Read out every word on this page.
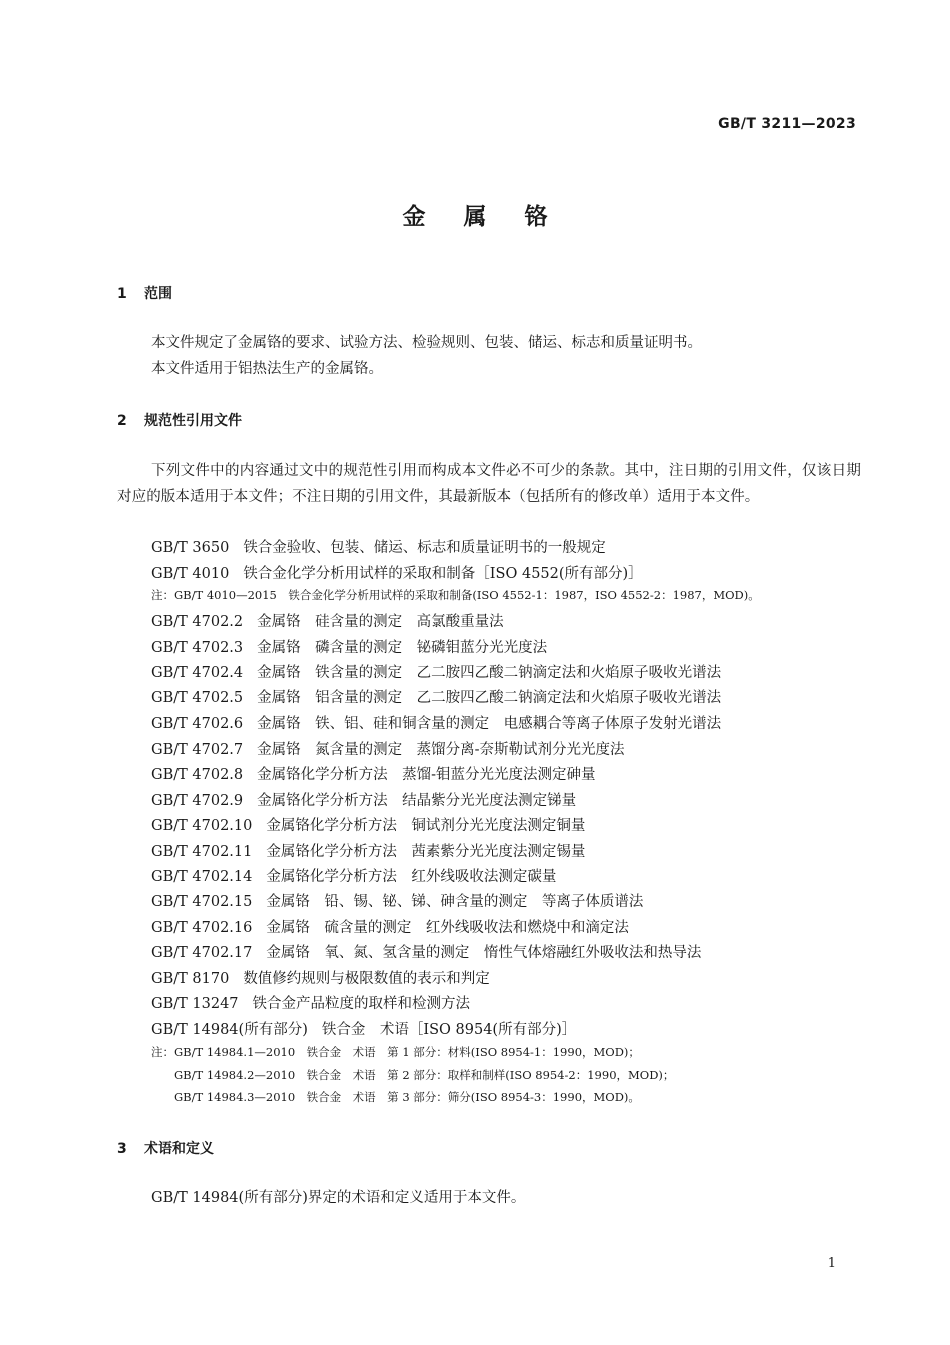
GB/T 3211—2023
金属铬
1 范围
本文件规定了金属铬的要求、试验方法、检验规则、包装、储运、标志和质量证明书。
本文件适用于铝热法生产的金属铬。
2 规范性引用文件
下列文件中的内容通过文中的规范性引用而构成本文件必不可少的条款。其中，注日期的引用文件，仅该日期对应的版本适用于本文件；不注日期的引用文件，其最新版本（包括所有的修改单）适用于本文件。
GB/T 3650 铁合金验收、包装、储运、标志和质量证明书的一般规定
GB/T 4010 铁合金化学分析用试样的采取和制备［ISO 4552(所有部分)］
注：GB/T 4010—2015　铁合金化学分析用试样的采取和制备(ISO 4552-1：1987，ISO 4552-2：1987，MOD)。
GB/T 4702.2 金属铬　硅含量的测定　高氯酸重量法
GB/T 4702.3 金属铬　磷含量的测定　铋磷钼蓝分光光度法
GB/T 4702.4 金属铬　铁含量的测定　乙二胺四乙酸二钠滴定法和火焰原子吸收光谱法
GB/T 4702.5 金属铬　铝含量的测定　乙二胺四乙酸二钠滴定法和火焰原子吸收光谱法
GB/T 4702.6 金属铬　铁、铝、硅和铜含量的测定　电感耦合等离子体原子发射光谱法
GB/T 4702.7 金属铬　氮含量的测定　蒸馏分离-奈斯勒试剂分光光度法
GB/T 4702.8 金属铬化学分析方法　蒸馏-钼蓝分光光度法测定砷量
GB/T 4702.9 金属铬化学分析方法　结晶紫分光光度法测定锑量
GB/T 4702.10 金属铬化学分析方法　铜试剂分光光度法测定铜量
GB/T 4702.11 金属铬化学分析方法　茜素紫分光光度法测定锡量
GB/T 4702.14 金属铬化学分析方法　红外线吸收法测定碳量
GB/T 4702.15 金属铬　铅、锡、铋、锑、砷含量的测定　等离子体质谱法
GB/T 4702.16 金属铬　硫含量的测定　红外线吸收法和燃烧中和滴定法
GB/T 4702.17 金属铬　氧、氮、氢含量的测定　惰性气体熔融红外吸收法和热导法
GB/T 8170 数值修约规则与极限数值的表示和判定
GB/T 13247 铁合金产品粒度的取样和检测方法
GB/T 14984(所有部分) 铁合金　术语［ISO 8954(所有部分)］
注：GB/T 14984.1—2010　铁合金　术语　第 1 部分：材料(ISO 8954-1：1990，MOD)；
GB/T 14984.2—2010　铁合金　术语　第 2 部分：取样和制样(ISO 8954-2：1990，MOD)；
GB/T 14984.3—2010　铁合金　术语　第 3 部分：筛分(ISO 8954-3：1990，MOD)。
3 术语和定义
GB/T 14984(所有部分)界定的术语和定义适用于本文件。
1
